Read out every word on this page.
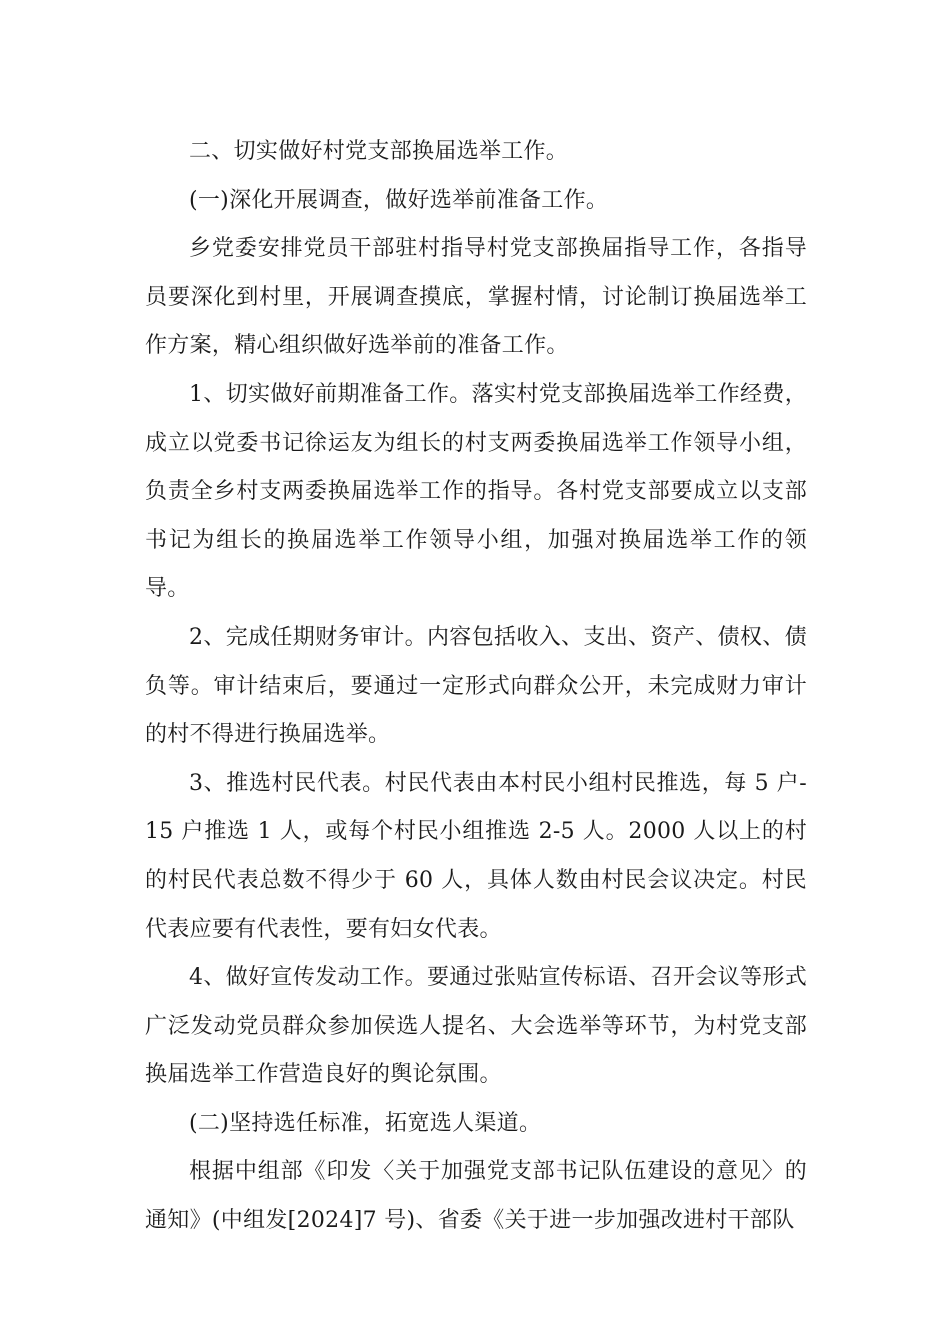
二、切实做好村党支部换届选举工作。

(一)深化开展调查，做好选举前准备工作。

乡党委安排党员干部驻村指导村党支部换届指导工作，各指导员要深化到村里，开展调查摸底，掌握村情，讨论制订换届选举工作方案，精心组织做好选举前的准备工作。

1、切实做好前期准备工作。落实村党支部换届选举工作经费，成立以党委书记徐运友为组长的村支两委换届选举工作领导小组，负责全乡村支两委换届选举工作的指导。各村党支部要成立以支部书记为组长的换届选举工作领导小组，加强对换届选举工作的领导。

2、完成任期财务审计。内容包括收入、支出、资产、债权、债负等。审计结束后，要通过一定形式向群众公开，未完成财力审计的村不得进行换届选举。

3、推选村民代表。村民代表由本村民小组村民推选，每 5 户-15 户推选 1 人，或每个村民小组推选 2-5 人。2000 人以上的村的村民代表总数不得少于 60 人，具体人数由村民会议决定。村民代表应要有代表性，要有妇女代表。

4、做好宣传发动工作。要通过张贴宣传标语、召开会议等形式广泛发动党员群众参加侯选人提名、大会选举等环节，为村党支部换届选举工作营造良好的舆论氛围。

(二)坚持选任标准，拓宽选人渠道。

根据中组部《印发〈关于加强党支部书记队伍建设的意见〉的通知》(中组发[2024]7 号)、省委《关于进一步加强改进村干部队
